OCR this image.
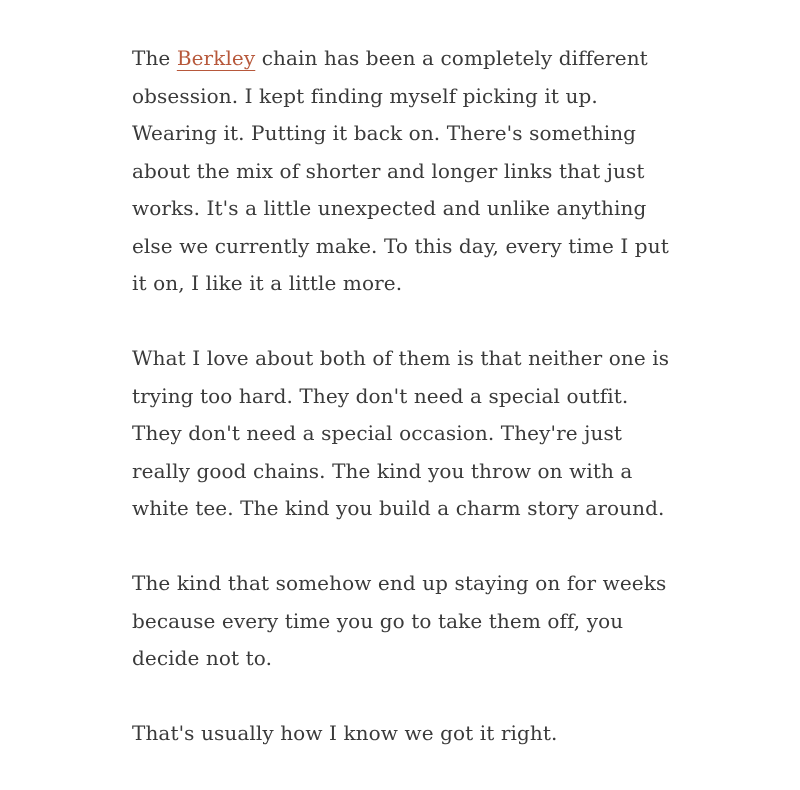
The Berkley chain has been a completely different obsession. I kept finding myself picking it up. Wearing it. Putting it back on. There's something about the mix of shorter and longer links that just works. It's a little unexpected and unlike anything else we currently make. To this day, every time I put it on, I like it a little more.

What I love about both of them is that neither one is trying too hard. They don't need a special outfit. They don't need a special occasion. They're just really good chains. The kind you throw on with a white tee. The kind you build a charm story around.

The kind that somehow end up staying on for weeks because every time you go to take them off, you decide not to.

That's usually how I know we got it right.
